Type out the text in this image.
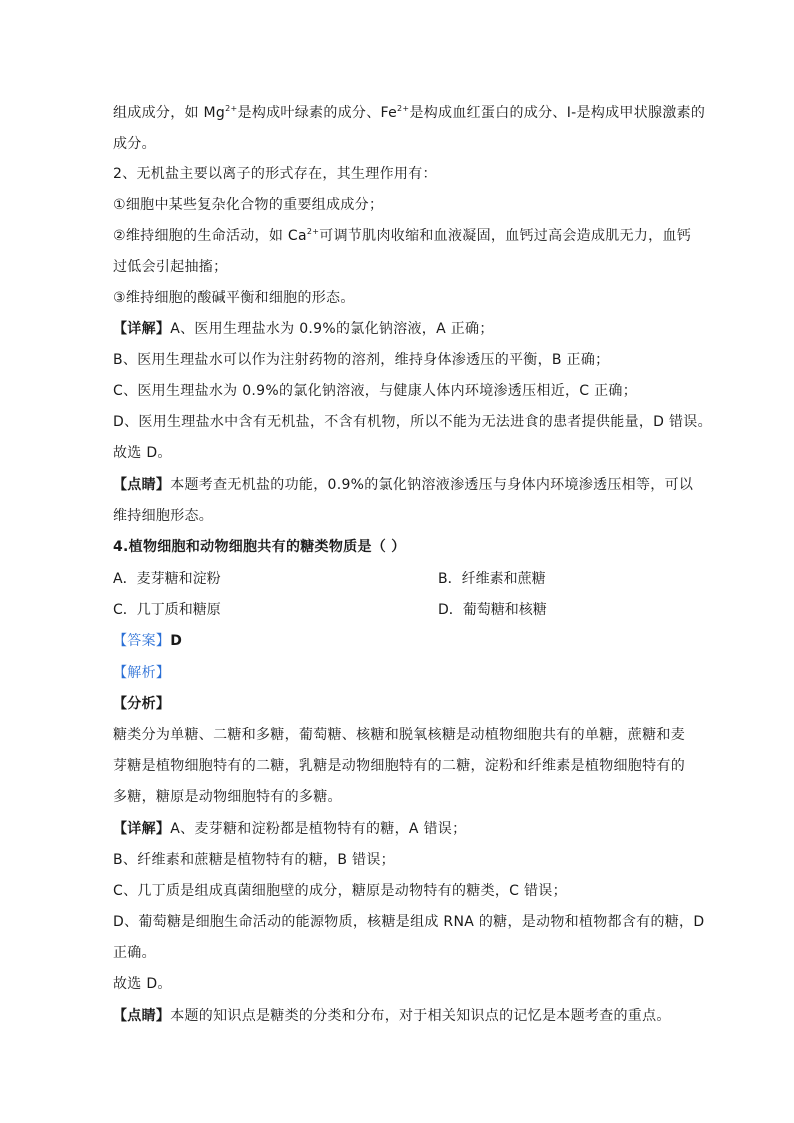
组成成分，如 $Mg^{2+}$是构成叶绿素的成分、$Fe^{2+}$是构成血红蛋白的成分、I-是构成甲状腺激素的
成分。
2、无机盐主要以离子的形式存在，其生理作用有：
①细胞中某些复杂化合物的重要组成成分；
②维持细胞的生命活动，如 $Ca^{2+}$可调节肌肉收缩和血液凝固，血钙过高会造成肌无力，血钙
过低会引起抽搐；
③维持细胞的酸碱平衡和细胞的形态。
【详解】A、医用生理盐水为 0.9%的氯化钠溶液，A 正确；
B、医用生理盐水可以作为注射药物的溶剂，维持身体渗透压的平衡，B 正确；
C、医用生理盐水为 0.9%的氯化钠溶液，与健康人体内环境渗透压相近，C 正确；
D、医用生理盐水中含有无机盐，不含有机物，所以不能为无法进食的患者提供能量，D 错误。
故选 D。
【点睛】本题考查无机盐的功能，0.9%的氯化钠溶液渗透压与身体内环境渗透压相等，可以
维持细胞形态。
4.植物细胞和动物细胞共有的糖类物质是（ ）
A．麦芽糖和淀粉	B．纤维素和蔗糖
C．几丁质和糖原	D．葡萄糖和核糖
【答案】D
【解析】
【分析】
糖类分为单糖、二糖和多糖，葡萄糖、核糖和脱氧核糖是动植物细胞共有的单糖，蔗糖和麦
芽糖是植物细胞特有的二糖，乳糖是动物细胞特有的二糖，淀粉和纤维素是植物细胞特有的
多糖，糖原是动物细胞特有的多糖。
【详解】A、麦芽糖和淀粉都是植物特有的糖，A 错误；
B、纤维素和蔗糖是植物特有的糖，B 错误；
C、几丁质是组成真菌细胞壁的成分，糖原是动物特有的糖类，C 错误；
D、葡萄糖是细胞生命活动的能源物质，核糖是组成 RNA 的糖，是动物和植物都含有的糖，D
正确。
故选 D。
【点睛】本题的知识点是糖类的分类和分布，对于相关知识点的记忆是本题考查的重点。
